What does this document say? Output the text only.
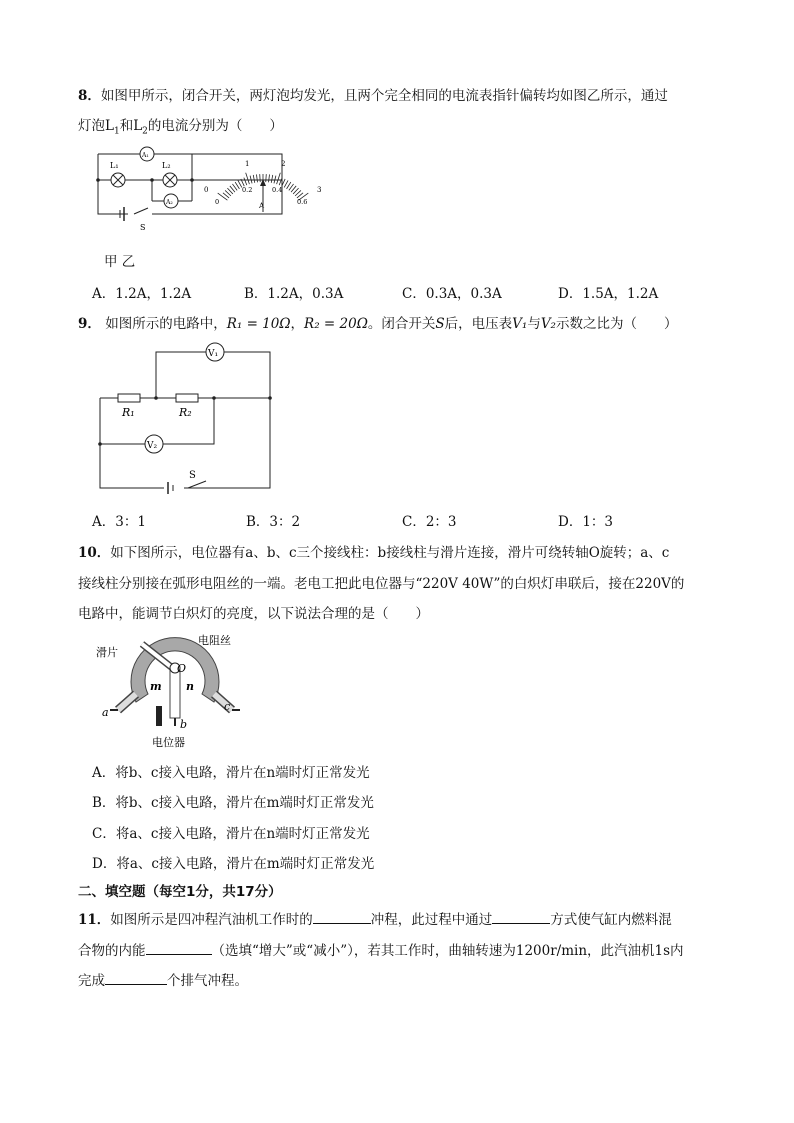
8．如图甲所示，闭合开关，两灯泡均发光，且两个完全相同的电流表指针偏转均如图乙所示，通过
灯泡$L_1$和$L_2$的电流分别为（　　）
L₁	L₂
A₁
A₂
S
1	2
0	3
0
0.2	0.4
0.6
A
甲 乙
A．1.2A，1.2A	B．1.2A，0.3A	C．0.3A，0.3A	D．1.5A，1.2A
9． 如图所示的电路中，R₁ = 10Ω，R₂ = 20Ω。闭合开关S后，电压表V₁与V₂示数之比为（　　）
V₁
V₂
R₁	R₂
S
A．3：1	B．3：2	C．2：3	D．1：3
10．如下图所示，电位器有a、b、c三个接线柱：b接线柱与滑片连接，滑片可绕转轴O旋转；a、c
接线柱分别接在弧形电阻丝的一端。老电工把此电位器与“220V 40W”的白炽灯串联后，接在220V的
电路中，能调节白炽灯的亮度，以下说法合理的是（　　）
滑片
电阻丝
O
m n
a
b
c
电位器
A．将b、c接入电路，滑片在n端时灯正常发光
B．将b、c接入电路，滑片在m端时灯正常发光
C．将a、c接入电路，滑片在n端时灯正常发光
D．将a、c接入电路，滑片在m端时灯正常发光
二、填空题（每空1分，共17分）
11．如图所示是四冲程汽油机工作时的	冲程，此过程中通过	方式使气缸内燃料混
合物的内能	（选填“增大”或“减小”），若其工作时，曲轴转速为1200r/min，此汽油机1s内
完成	个排气冲程。
